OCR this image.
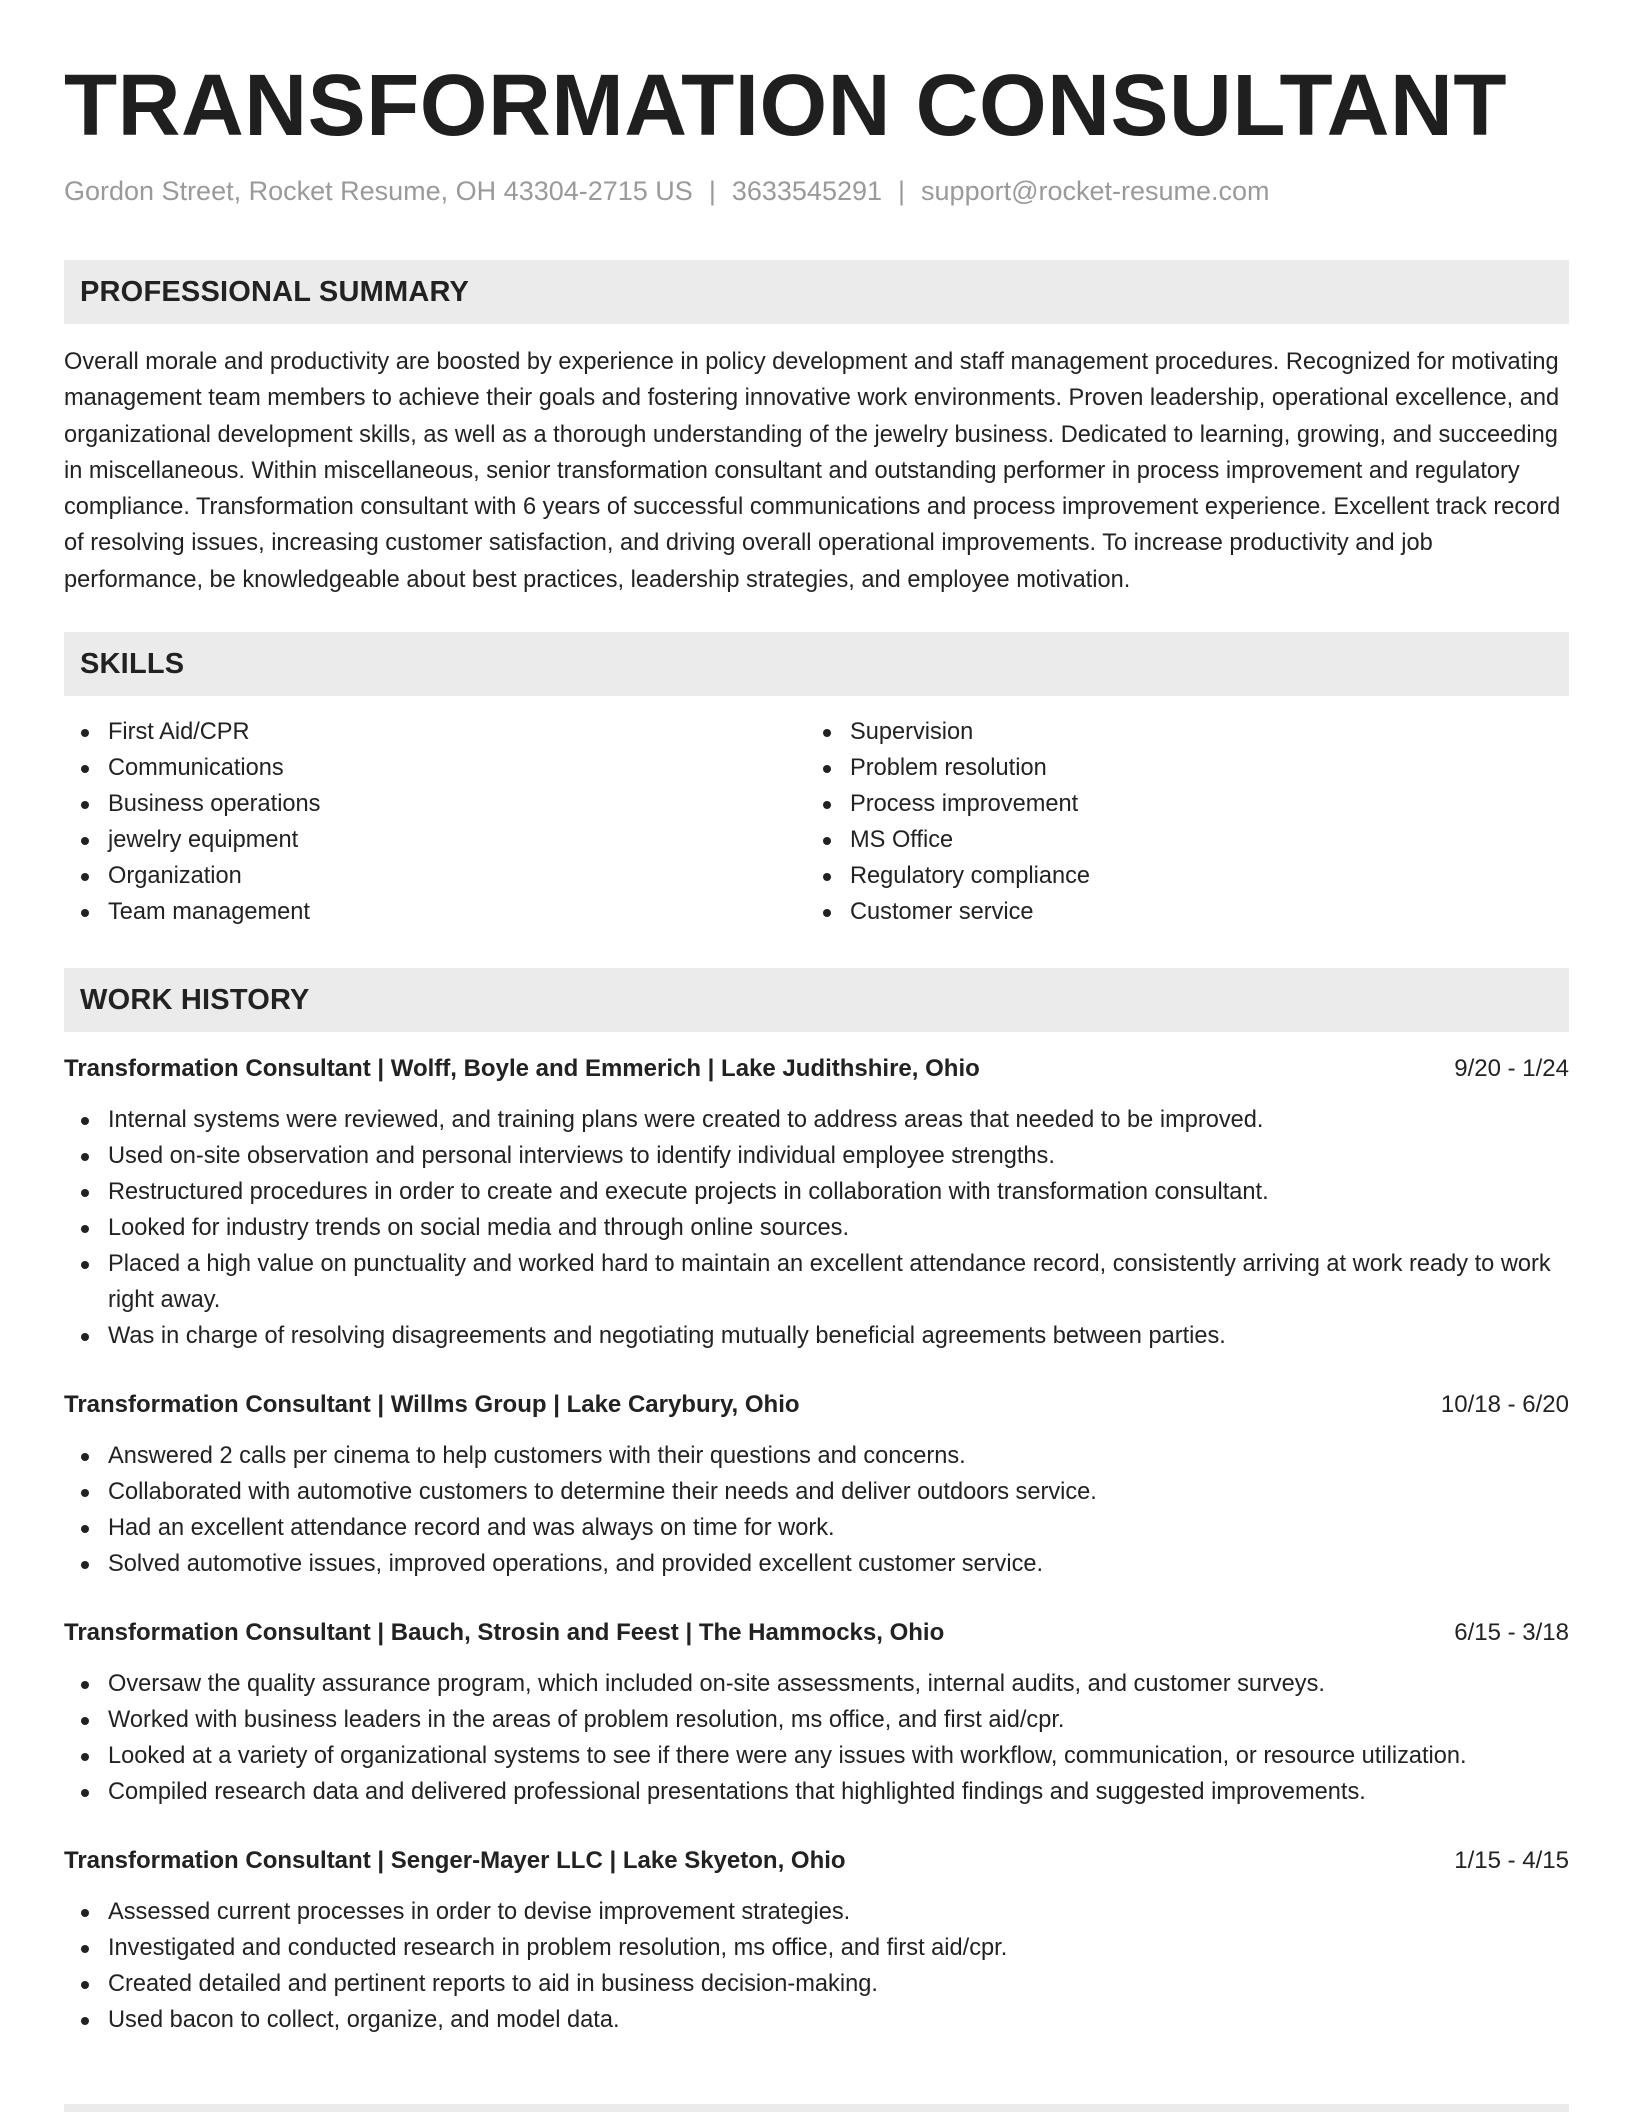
TRANSFORMATION CONSULTANT
Gordon Street, Rocket Resume, OH 43304-2715 US | 3633545291 | support@rocket-resume.com
PROFESSIONAL SUMMARY

Overall morale and productivity are boosted by experience in policy development and staff management procedures. Recognized for motivating management team members to achieve their goals and fostering innovative work environments. Proven leadership, operational excellence, and organizational development skills, as well as a thorough understanding of the jewelry business. Dedicated to learning, growing, and succeeding in miscellaneous. Within miscellaneous, senior transformation consultant and outstanding performer in process improvement and regulatory compliance. Transformation consultant with 6 years of successful communications and process improvement experience. Excellent track record of resolving issues, increasing customer satisfaction, and driving overall operational improvements. To increase productivity and job performance, be knowledgeable about best practices, leadership strategies, and employee motivation.

SKILLS
First Aid/CPR
Communications
Business operations
jewelry equipment
Organization
Team management
Supervision
Problem resolution
Process improvement
MS Office
Regulatory compliance
Customer service
WORK HISTORY
Transformation Consultant | Wolff, Boyle and Emmerich | Lake Judithshire, Ohio	9/20 - 1/24
Internal systems were reviewed, and training plans were created to address areas that needed to be improved.
Used on-site observation and personal interviews to identify individual employee strengths.
Restructured procedures in order to create and execute projects in collaboration with transformation consultant.
Looked for industry trends on social media and through online sources.
Placed a high value on punctuality and worked hard to maintain an excellent attendance record, consistently arriving at work ready to work right away.
Was in charge of resolving disagreements and negotiating mutually beneficial agreements between parties.
Transformation Consultant | Willms Group | Lake Carybury, Ohio	10/18 - 6/20
Answered 2 calls per cinema to help customers with their questions and concerns.
Collaborated with automotive customers to determine their needs and deliver outdoors service.
Had an excellent attendance record and was always on time for work.
Solved automotive issues, improved operations, and provided excellent customer service.
Transformation Consultant | Bauch, Strosin and Feest | The Hammocks, Ohio	6/15 - 3/18
Oversaw the quality assurance program, which included on-site assessments, internal audits, and customer surveys.
Worked with business leaders in the areas of problem resolution, ms office, and first aid/cpr.
Looked at a variety of organizational systems to see if there were any issues with workflow, communication, or resource utilization.
Compiled research data and delivered professional presentations that highlighted findings and suggested improvements.
Transformation Consultant | Senger-Mayer LLC | Lake Skyeton, Ohio	1/15 - 4/15
Assessed current processes in order to devise improvement strategies.
Investigated and conducted research in problem resolution, ms office, and first aid/cpr.
Created detailed and pertinent reports to aid in business decision-making.
Used bacon to collect, organize, and model data.
